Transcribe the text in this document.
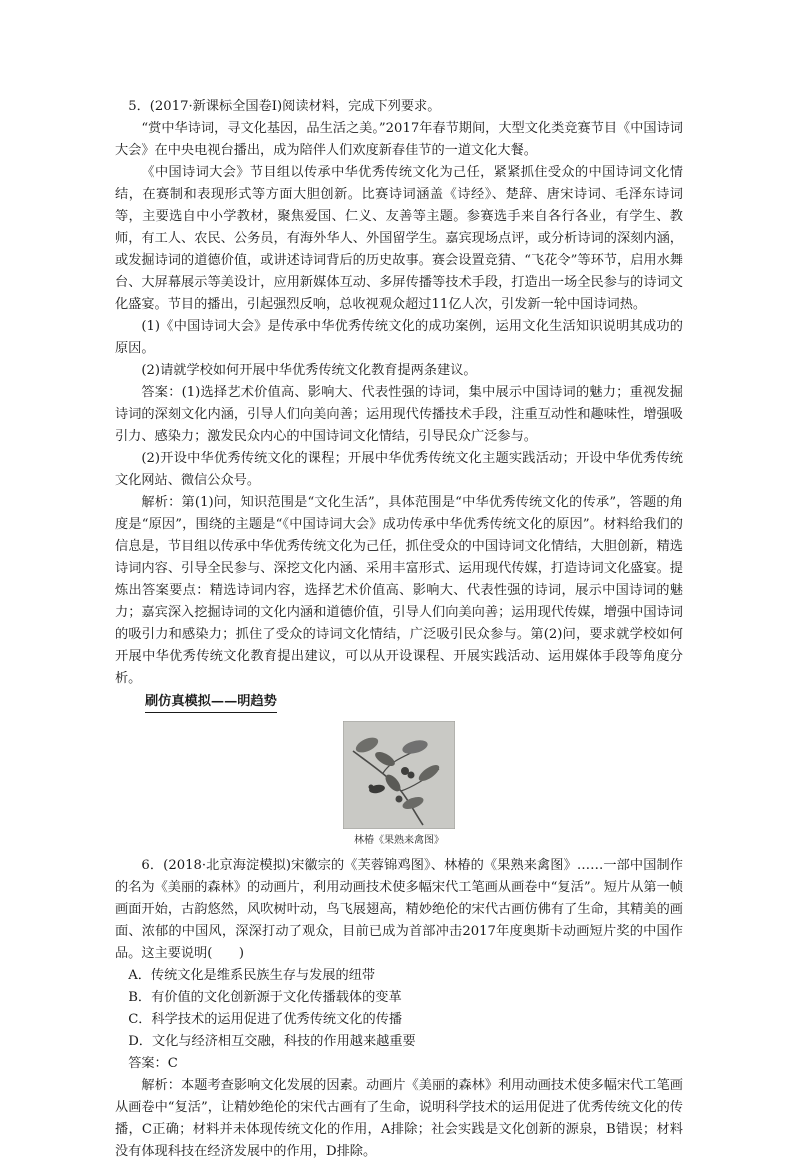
5．(2017·新课标全国卷Ⅰ)阅读材料，完成下列要求。

“赏中华诗词，寻文化基因，品生活之美。”2017年春节期间，大型文化类竞赛节目《中国诗词大会》在中央电视台播出，成为陪伴人们欢度新春佳节的一道文化大餐。

《中国诗词大会》节目组以传承中华优秀传统文化为己任，紧紧抓住受众的中国诗词文化情结，在赛制和表现形式等方面大胆创新。比赛诗词涵盖《诗经》、楚辞、唐宋诗词、毛泽东诗词等，主要选自中小学教材，聚焦爱国、仁义、友善等主题。参赛选手来自各行各业，有学生、教师，有工人、农民、公务员，有海外华人、外国留学生。嘉宾现场点评，或分析诗词的深刻内涵，或发掘诗词的道德价值，或讲述诗词背后的历史故事。赛会设置竞猜、“飞花令”等环节，启用水舞台、大屏幕展示等美设计，应用新媒体互动、多屏传播等技术手段，打造出一场全民参与的诗词文化盛宴。节目的播出，引起强烈反响，总收视观众超过11亿人次，引发新一轮中国诗词热。

(1)《中国诗词大会》是传承中华优秀传统文化的成功案例，运用文化生活知识说明其成功的原因。

(2)请就学校如何开展中华优秀传统文化教育提两条建议。

答案：(1)选择艺术价值高、影响大、代表性强的诗词，集中展示中国诗词的魅力；重视发掘诗词的深刻文化内涵，引导人们向美向善；运用现代传播技术手段，注重互动性和趣味性，增强吸引力、感染力；激发民众内心的中国诗词文化情结，引导民众广泛参与。

(2)开设中华优秀传统文化的课程；开展中华优秀传统文化主题实践活动；开设中华优秀传统文化网站、微信公众号。

解析：第(1)问，知识范围是“文化生活”，具体范围是“中华优秀传统文化的传承”，答题的角度是“原因”，围绕的主题是“《中国诗词大会》成功传承中华优秀传统文化的原因”。材料给我们的信息是，节目组以传承中华优秀传统文化为己任，抓住受众的中国诗词文化情结，大胆创新，精选诗词内容、引导全民参与、深挖文化内涵、采用丰富形式、运用现代传媒，打造诗词文化盛宴。提炼出答案要点：精选诗词内容，选择艺术价值高、影响大、代表性强的诗词，展示中国诗词的魅力；嘉宾深入挖掘诗词的文化内涵和道德价值，引导人们向美向善；运用现代传媒，增强中国诗词的吸引力和感染力；抓住了受众的诗词文化情结，广泛吸引民众参与。第(2)问，要求就学校如何开展中华优秀传统文化教育提出建议，可以从开设课程、开展实践活动、运用媒体手段等角度分析。

刷仿真模拟——明趋势
林椿《果熟来禽图》

6．(2018·北京海淀模拟)宋徽宗的《芙蓉锦鸡图》、林椿的《果熟来禽图》……一部中国制作的名为《美丽的森林》的动画片，利用动画技术使多幅宋代工笔画从画卷中“复活”。短片从第一帧画面开始，古韵悠然，风吹树叶动，鸟飞展翅高，精妙绝伦的宋代古画仿佛有了生命，其精美的画面、浓郁的中国风，深深打动了观众，目前已成为首部冲击2017年度奥斯卡动画短片奖的中国作品。这主要说明(　　)

A．传统文化是维系民族生存与发展的纽带

B．有价值的文化创新源于文化传播载体的变革

C．科学技术的运用促进了优秀传统文化的传播

D．文化与经济相互交融，科技的作用越来越重要

答案：C

解析：本题考查影响文化发展的因素。动画片《美丽的森林》利用动画技术使多幅宋代工笔画从画卷中“复活”，让精妙绝伦的宋代古画有了生命，说明科学技术的运用促进了优秀传统文化的传播，C正确；材料并未体现传统文化的作用，A排除；社会实践是文化创新的源泉，B错误；材料没有体现科技在经济发展中的作用，D排除。
